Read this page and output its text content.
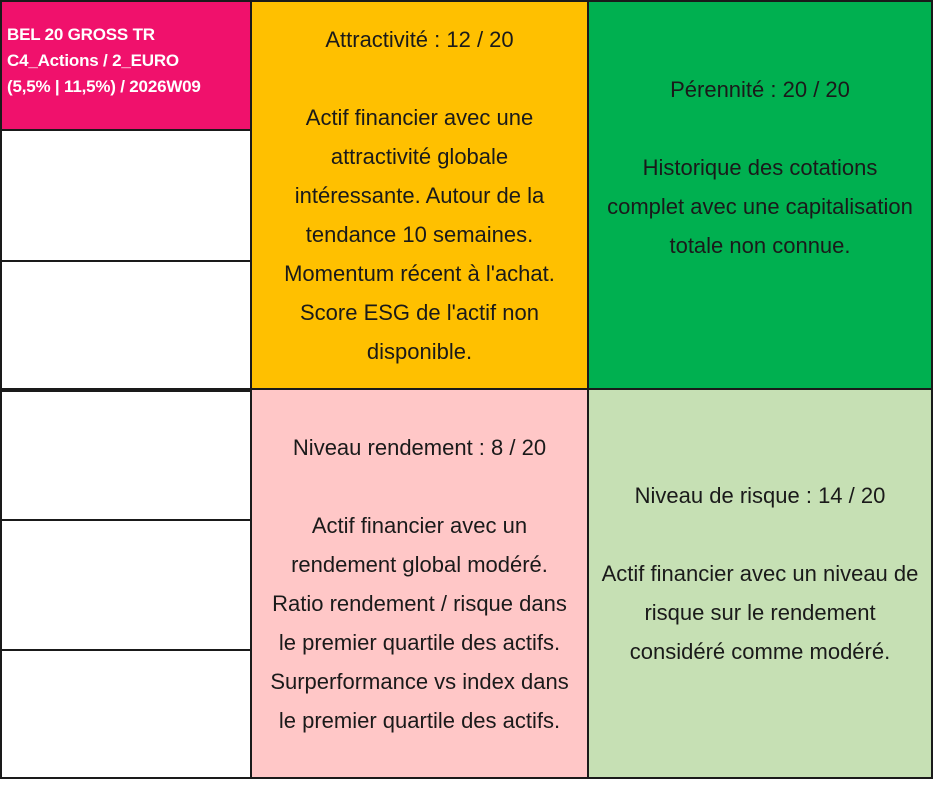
BEL 20 GROSS TR
C4_Actions / 2_EURO
(5,5% | 11,5%) / 2026W09
Attractivité : 12 / 20
Actif financier avec une
attractivité globale
intéressante. Autour de la
tendance 10 semaines.
Momentum récent à l'achat.
Score ESG de l'actif non
disponible.
Pérennité : 20 / 20
Historique des cotations
complet avec une capitalisation
totale non connue.
Niveau rendement : 8 / 20
Actif financier avec un
rendement global modéré.
Ratio rendement / risque dans
le premier quartile des actifs.
Surperformance vs index dans
le premier quartile des actifs.
Niveau de risque : 14 / 20
Actif financier avec un niveau de
risque sur le rendement
considéré comme modéré.
